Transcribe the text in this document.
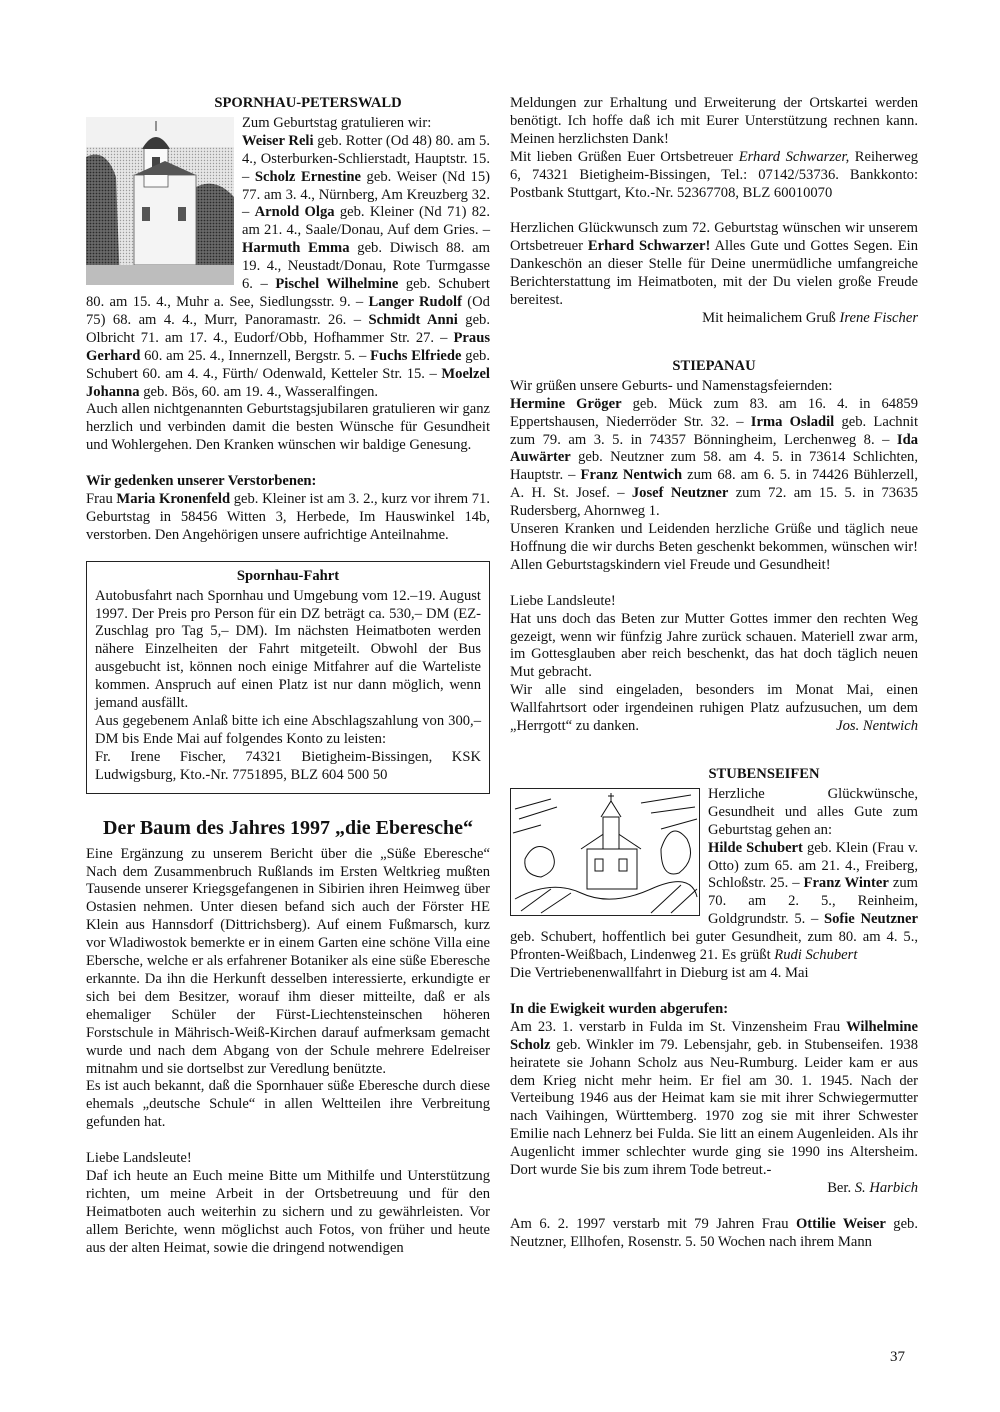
SPORNHAU-PETERSWALD

Zum Geburtstag gratulieren wir:

Weiser Reli geb. Rotter (Od 48) 80. am 5. 4., Osterburken-Schlierstadt, Hauptstr. 15. – Scholz Ernestine geb. Weiser (Nd 15) 77. am 3. 4., Nürnberg, Am Kreuzberg 32. – Arnold Olga geb. Kleiner (Nd 71) 82. am 21. 4., Saale/Donau, Auf dem Gries. – Harmuth Emma geb. Diwisch 88. am 19. 4., Neustadt/Donau, Rote Turmgasse 6. – Pischel Wilhelmine geb. Schubert 80. am 15. 4., Muhr a. See, Siedlungsstr. 9. – Langer Rudolf (Od 75) 68. am 4. 4., Murr, Panoramastr. 26. – Schmidt Anni geb. Olbricht 71. am 17. 4., Eudorf/Obb, Hofhammer Str. 27. – Praus Gerhard 60. am 25. 4., Innernzell, Bergstr. 5. – Fuchs Elfriede geb. Schubert 60. am 4. 4., Fürth/ Odenwald, Ketteler Str. 15. – Moelzel Johanna geb. Bös, 60. am 19. 4., Wasseralfingen.

Auch allen nichtgenannten Geburtstagsjubilaren gratulieren wir ganz herzlich und verbinden damit die besten Wünsche für Gesundheit und Wohlergehen. Den Kranken wünschen wir baldige Genesung.

Wir gedenken unserer Verstorbenen:

Frau Maria Kronenfeld geb. Kleiner ist am 3. 2., kurz vor ihrem 71. Geburtstag in 58456 Witten 3, Herbede, Im Hauswinkel 14b, verstorben. Den Angehörigen unsere aufrichtige Anteilnahme.

Spornhau-Fahrt

Autobusfahrt nach Spornhau und Umgebung vom 12.–19. August 1997. Der Preis pro Person für ein DZ beträgt ca. 530,– DM (EZ-Zuschlag pro Tag 5,– DM). Im nächsten Heimatboten werden nähere Einzelheiten der Fahrt mitgeteilt. Obwohl der Bus ausgebucht ist, können noch einige Mitfahrer auf die Warteliste kommen. Anspruch auf einen Platz ist nur dann möglich, wenn jemand ausfällt.

Aus gegebenem Anlaß bitte ich eine Abschlagszahlung von 300,– DM bis Ende Mai auf folgendes Konto zu leisten:

Fr. Irene Fischer, 74321 Bietigheim-Bissingen, KSK Ludwigsburg, Kto.-Nr. 7751895, BLZ 604 500 50

Der Baum des Jahres 1997 „die Eberesche“

Eine Ergänzung zu unserem Bericht über die „Süße Eberesche“ Nach dem Zusammenbruch Rußlands im Ersten Weltkrieg mußten Tausende unserer Kriegsgefangenen in Sibirien ihren Heimweg über Ostasien nehmen. Unter diesen befand sich auch der Förster HE Klein aus Hannsdorf (Dittrichsberg). Auf einem Fußmarsch, kurz vor Wladiwostok bemerkte er in einem Garten eine schöne Villa eine Ebersche, welche er als erfahrener Botaniker als eine süße Eberesche erkannte. Da ihn die Herkunft desselben interessierte, erkundigte er sich bei dem Besitzer, worauf ihm dieser mitteilte, daß er als ehemaliger Schüler der Fürst-Liechtensteinschen höheren Forstschule in Mährisch-Weiß-Kirchen darauf aufmerksam gemacht wurde und nach dem Abgang von der Schule mehrere Edelreiser mitnahm und sie dortselbst zur Veredlung benützte.

Es ist auch bekannt, daß die Spornhauer süße Eberesche durch diese ehemals „deutsche Schule“ in allen Weltteilen ihre Verbreitung gefunden hat.

Liebe Landsleute!

Daf ich heute an Euch meine Bitte um Mithilfe und Unterstützung richten, um meine Arbeit in der Ortsbetreuung und für den Heimatboten auch weiterhin zu sichern und zu gewährleisten. Vor allem Berichte, wenn möglichst auch Fotos, von früher und heute aus der alten Heimat, sowie die dringend notwendigen

Meldungen zur Erhaltung und Erweiterung der Ortskartei werden benötigt. Ich hoffe daß ich mit Eurer Unterstützung rechnen kann. Meinen herzlichsten Dank!

Mit lieben Grüßen Euer Ortsbetreuer Erhard Schwarzer, Reiherweg 6, 74321 Bietigheim-Bissingen, Tel.: 07142/53736. Bankkonto: Postbank Stuttgart, Kto.-Nr. 52367708, BLZ 60010070

Herzlichen Glückwunsch zum 72. Geburtstag wünschen wir unserem Ortsbetreuer Erhard Schwarzer! Alles Gute und Gottes Segen. Ein Dankeschön an dieser Stelle für Deine unermüdliche umfangreiche Berichterstattung im Heimatboten, mit der Du vielen große Freude bereitest.

Mit heimalichem Gruß Irene Fischer

STIEPANAU

Wir grüßen unsere Geburts- und Namenstagsfeiernden:

Hermine Gröger geb. Mück zum 83. am 16. 4. in 64859 Eppertshausen, Niederröder Str. 32. – Irma Osladil geb. Lachnit zum 79. am 3. 5. in 74357 Bönningheim, Lerchenweg 8. – Ida Auwärter geb. Neutzner zum 58. am 4. 5. in 73614 Schlichten, Hauptstr. – Franz Nentwich zum 68. am 6. 5. in 74426 Bühlerzell, A. H. St. Josef. – Josef Neutzner zum 72. am 15. 5. in 73635 Rudersberg, Ahornweg 1.

Unseren Kranken und Leidenden herzliche Grüße und täglich neue Hoffnung die wir durchs Beten geschenkt bekommen, wünschen wir! Allen Geburtstagskindern viel Freude und Gesundheit!

Liebe Landsleute!

Hat uns doch das Beten zur Mutter Gottes immer den rechten Weg gezeigt, wenn wir fünfzig Jahre zurück schauen. Materiell zwar arm, im Gottesglauben aber reich beschenkt, das hat doch täglich neuen Mut gebracht.

Wir alle sind eingeladen, besonders im Monat Mai, einen Wallfahrtsort oder irgendeinen ruhigen Platz aufzusuchen, um dem „Herrgott“ zu danken.	Jos. Nentwich

STUBENSEIFEN

Herzliche Glückwünsche, Gesundheit und alles Gute zum Geburtstag gehen an:

Hilde Schubert geb. Klein (Frau v. Otto) zum 65. am 21. 4., Freiberg, Schloßstr. 25. – Franz Winter zum 70. am 2. 5., Reinheim, Goldgrundstr. 5. – Sofie Neutzner geb. Schubert, hoffentlich bei guter Gesundheit, zum 80. am 4. 5., Pfronten-Weißbach, Lindenweg 21. Es grüßt Rudi Schubert

Die Vertriebenenwallfahrt in Dieburg ist am 4. Mai

In die Ewigkeit wurden abgerufen:

Am 23. 1. verstarb in Fulda im St. Vinzensheim Frau Wilhelmine Scholz geb. Winkler im 79. Lebensjahr, geb. in Stubenseifen. 1938 heiratete sie Johann Scholz aus Neu-Rumburg. Leider kam er aus dem Krieg nicht mehr heim. Er fiel am 30. 1. 1945. Nach der Verteibung 1946 aus der Heimat kam sie mit ihrer Schwiegermutter nach Vaihingen, Württemberg. 1970 zog sie mit ihrer Schwester Emilie nach Lehnerz bei Fulda. Sie litt an einem Augenleiden. Als ihr Augenlicht immer schlechter wurde ging sie 1990 ins Altersheim. Dort wurde Sie bis zum ihrem Tode betreut.-

Ber. S. Harbich

Am 6. 2. 1997 verstarb mit 79 Jahren Frau Ottilie Weiser geb. Neutzner, Ellhofen, Rosenstr. 5. 50 Wochen nach ihrem Mann

37
